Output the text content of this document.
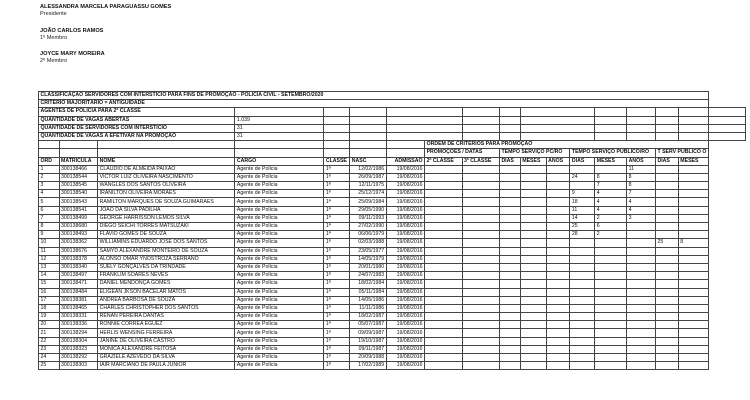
ALESSANDRA MARCELA PARAGUASSU GOMES
Presidente
JOÃO CARLOS RAMOS
1º Membro
JOYCE MARY MOREIRA
2º Membro
CLASSIFICAÇÃO SERVIDORES COM INTERSTICIO PARA FINS DE PROMOÇÃO - POLÍCIA CIVIL - SETEMBRO/2020																		
CRITÉRIO MAJORITÁRIO = ANTIGUIDADE																		
AGENTES DE POLICIA PARA 2ª CLASSE																		
QUANTIDADE DE VAGAS ABERTAS			1.039															
QUANTIDADE DE SERVIDORES COM INTERSTICIO			31															
QUANTIDADE DE VAGAS A EFETIVAR NA PROMOÇÃO			31															
							ORDEM DE CRITERIOS PARA PROMOÇÃO											
							PROMOÇÕES / DATAS		TEMPO SERVIÇO PC/RO			TEMPO SERVIÇO PUBLICO/RO			T SERV PUBLICO O			
ORD	MATRÍCULA	NOME	CARGO	CLASSE	NASC	ADMISSÃO	2ª CLASSE	3ª CLASSE	DIAS	MESES	ANOS	DIAS	MESES	ANOS	DIAS	MESES		
1	300138466	CLAUDIO DE ALMEIDA PAIXÃO	Agente de Polícia	1ª	12/02/1986	19/08/2016								11				
2	300138544	VICTOR LUIZ OLIVEIRA NASCIMENTO	Agente de Polícia	1ª	26/09/1987	19/08/2016						24	8	8				
3	300138545	WANGLES DOS SANTOS OLIVEIRA	Agente de Polícia	1ª	12/11/1975	19/08/2016							7	8				
4	300138540	IRANILTON OLIVEIRA MORAES	Agente de Polícia	1ª	25/12/1974	19/08/2016						9	4	7				
5	300138543	RAMILTON MARQUES DE SOUZA GUIMARAES	Agente de Polícia	1ª	25/09/1984	19/08/2016						18	4	4				
6	300138541	JOAO DA SILVA PADILHA	Agente de Polícia	1ª	29/05/1990	19/08/2016						11	4	4				
7	300138499	GEORGE HARRISSON LEMOS SILVA	Agente de Polícia	1ª	09/11/1993	19/08/2016						14	2	3				
8	300138680	DIEGO SEICHI TORRES MATSUZAKI	Agente de Polícia	1ª	27/02/1990	19/08/2016						25	6					
9	300138493	FLAVIO GOMES DE SOUZA	Agente de Polícia	1ª	06/06/1979	19/08/2016						28	2					
10	300138362	WILLIAMINS EDUARDO JOSE DOS SANTOS	Agente de Polícia	1ª	02/03/1988	19/08/2016									25	8		
11	300138676	SAMYD ALEXANDRE MONTEIRO DE SOUZA	Agente de Polícia	1ª	23/05/1977	19/08/2016												
12	300138378	ALONSO OMAR YNOSTROZA SERRANO	Agente de Polícia	1ª	14/05/1979	19/08/2016												
13	300138340	SUELY GONÇALVES DA TRINDADE	Agente de Polícia	1ª	20/01/1980	19/08/2016												
14	300138497	FRANKLIM SOARES NEVES	Agente de Polícia	1ª	24/07/1983	19/08/2016												
15	300138471	DANIEL MENDONÇA GOMES	Agente de Polícia	1ª	18/02/1984	19/08/2016												
16	300138484	ELIGEAN JKSON BACELAR MATOS	Agente de Polícia	1ª	05/11/1984	19/08/2016												
17	300138381	ANDREA BARBOSA DE SOUZA	Agente de Polícia	1ª	14/05/1986	19/08/2016												
18	300138465	CHARLES CHRISTOPHER DOS SANTOS	Agente de Polícia	1ª	11/11/1986	19/08/2016												
19	300138331	RENAN PEREIRA DANTAS	Agente de Polícia	1ª	18/02/1987	19/08/2016												
20	300138336	RONNIE CORREA EGUEZ	Agente de Polícia	1ª	05/07/1987	19/08/2016												
21	300138294	HERLIS WENSING FERREIRA	Agente de Polícia	1ª	09/09/1987	19/08/2016												
22	300138304	JANINE DE OLIVEIRA CASTRO	Agente de Polícia	1ª	19/10/1987	19/08/2016												
23	300138323	MONICA ALEXANDRE FEITOSA	Agente de Polícia	1ª	09/11/1987	19/08/2016												
24	300138292	GRAZIELE AZEVEDO DA SILVA	Agente de Polícia	1ª	20/09/1988	19/08/2016												
25	300138303	IAIR MARCIANO DE PAULA JUNIOR	Agente de Polícia	1ª	17/02/1989	19/08/2016												
